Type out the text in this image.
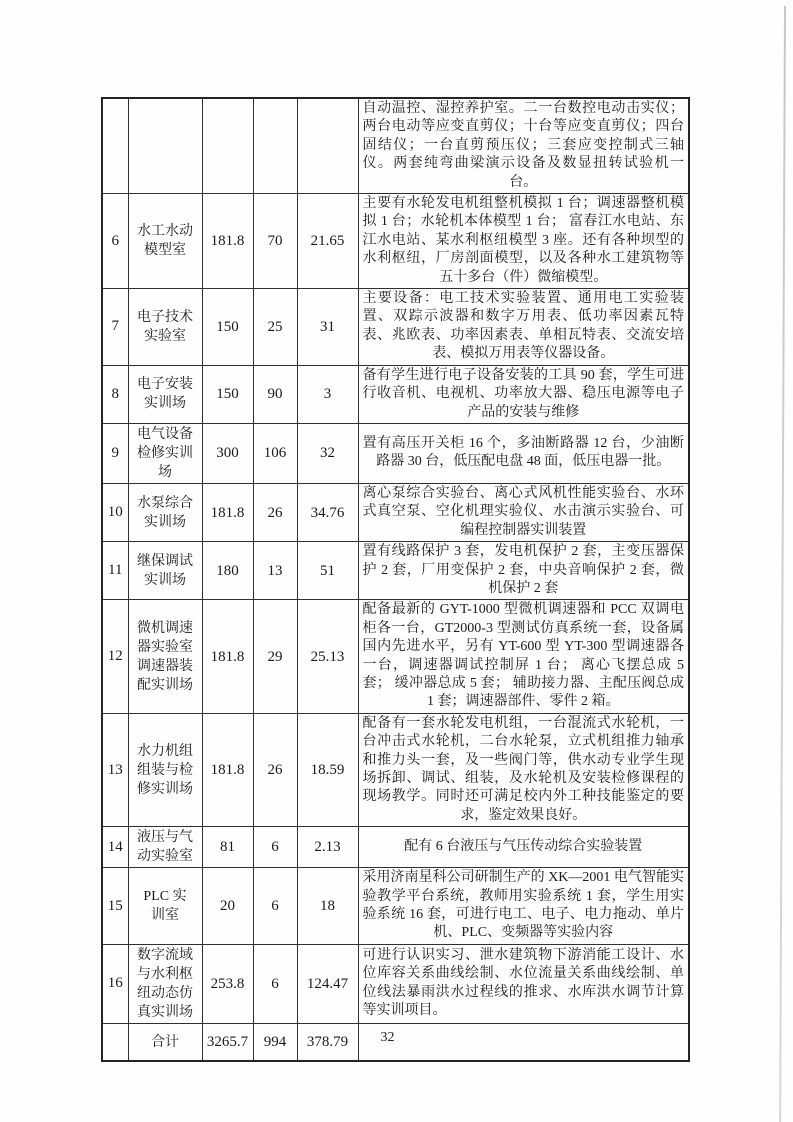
					自动温控、湿控养护室。二一台数控电动击实仪；两台电动等应变直剪仪；十台等应变直剪仪；四台固结仪；一台直剪预压仪；三套应变控制式三轴仪。两套纯弯曲梁演示设备及数显扭转试验机一台。
6	水工水动模型室	181.8	70	21.65	主要有水轮发电机组整机模拟 1 台；调速器整机模拟 1 台；水轮机本体模型 1 台； 富春江水电站、东江水电站、某水利枢纽模型 3 座。还有各种坝型的水利枢纽，厂房剖面模型，以及各种水工建筑物等五十多台（件）微缩模型。
7	电子技术实验室	150	25	31	主要设备：电工技术实验装置、通用电工实验装置、双踪示波器和数字万用表、低功率因素瓦特表、兆欧表、功率因素表、单相瓦特表、交流安培表、模拟万用表等仪器设备。
8	电子安装实训场	150	90	3	备有学生进行电子设备安装的工具 90 套，学生可进行收音机、电视机、功率放大器、稳压电源等电子产品的安装与维修
9	电气设备检修实训场	300	106	32	置有高压开关柜 16 个，多油断路器 12 台，少油断路器 30 台，低压配电盘 48 面，低压电器一批。
10	水泵综合实训场	181.8	26	34.76	离心泵综合实验台、离心式风机性能实验台、水环式真空泵、空化机理实验仪、水击演示实验台、可编程控制器实训装置
11	继保调试实训场	180	13	51	置有线路保护 3 套，发电机保护 2 套，主变压器保护 2 套，厂用变保护 2 套，中央音响保护 2 套，微机保护 2 套
12	微机调速器实验室调速器装配实训场	181.8	29	25.13	配备最新的 GYT-1000 型微机调速器和 PCC 双调电柜各一台，GT2000-3 型测试仿真系统一套，设备属国内先进水平，另有 YT-600 型 YT-300 型调速器各一台，调速器调试控制屏 1 台； 离心飞摆总成 5 套； 缓冲器总成 5 套； 辅助接力器、主配压阀总成 1 套；调速器部件、零件 2 箱。
13	水力机组组装与检修实训场	181.8	26	18.59	配备有一套水轮发电机组，一台混流式水轮机，一台冲击式水轮机，二台水轮泵，立式机组推力轴承和推力头一套，及一些阀门等，供水动专业学生现场拆卸、调试、组装，及水轮机及安装检修课程的现场教学。同时还可满足校内外工种技能鉴定的要求，鉴定效果良好。
14	液压与气动实验室	81	6	2.13	配有 6 台液压与气压传动综合实验装置
15	PLC 实训室	20	6	18	采用济南星科公司研制生产的 XK—2001 电气智能实验教学平台系统，教师用实验系统 1 套，学生用实验系统 16 套，可进行电工、电子、电力拖动、单片机、PLC、变频器等实验内容
16	数字流域与水利枢纽动态仿真实训场	253.8	6	124.47	可进行认识实习、泄水建筑物下游消能工设计、水位库容关系曲线绘制、水位流量关系曲线绘制、单位线法暴雨洪水过程线的推求、水库洪水调节计算等实训项目。
	合计	3265.7	994	378.79		32
